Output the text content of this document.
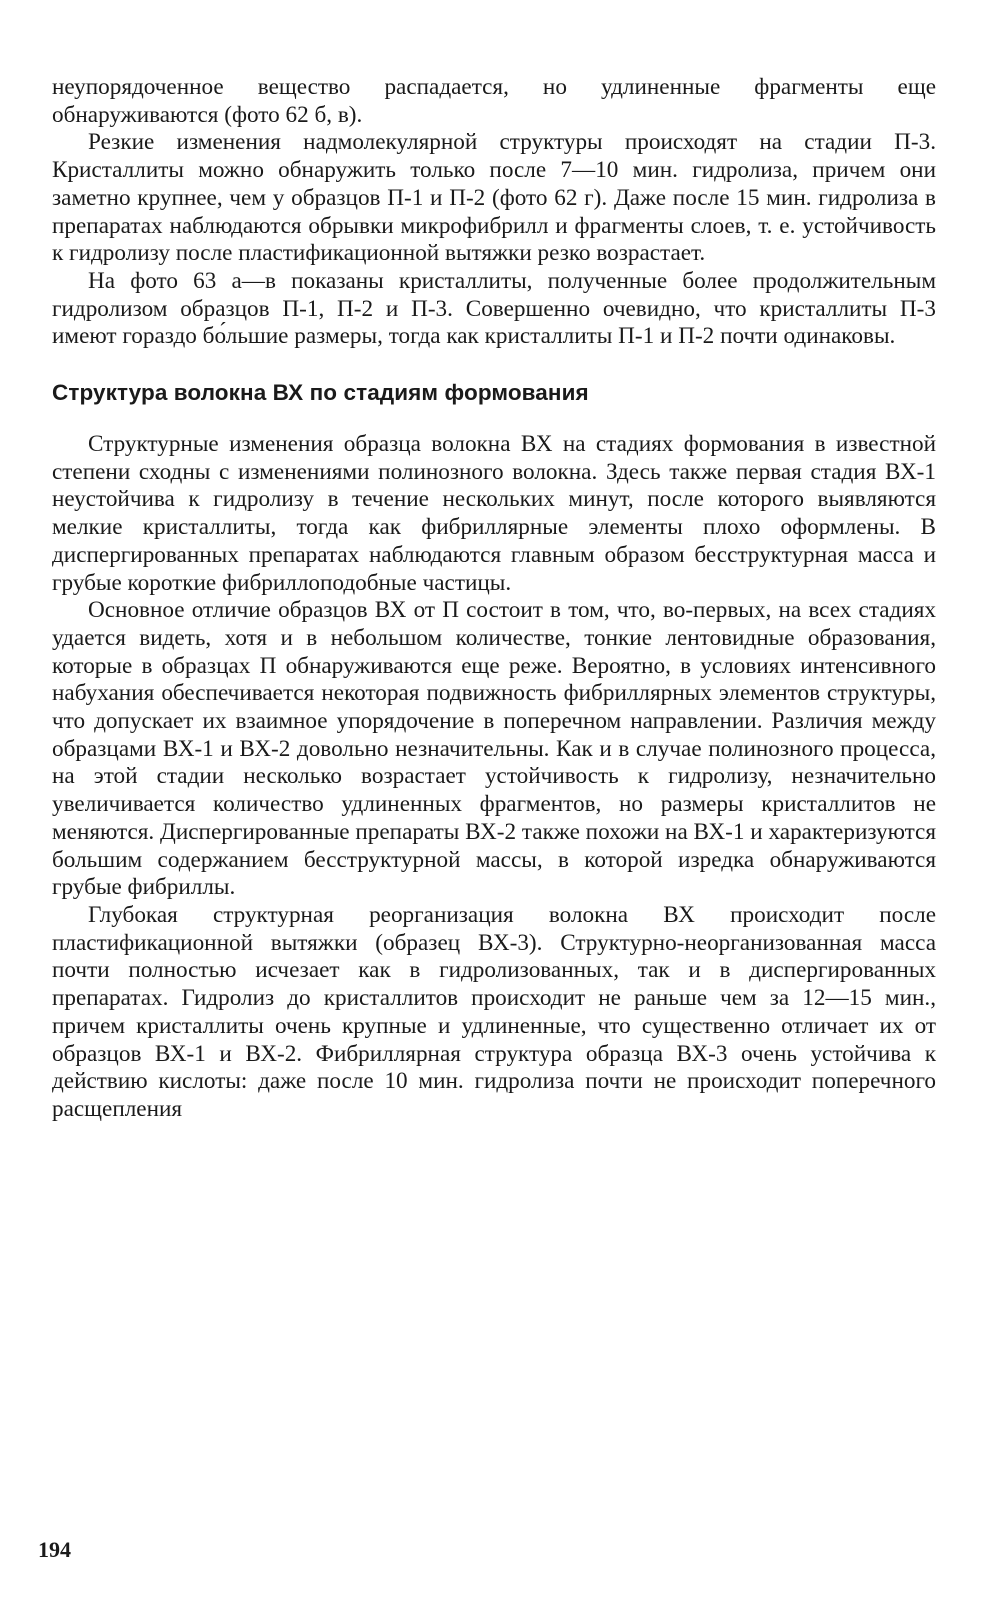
неупорядоченное вещество распадается, но удлиненные фрагменты еще обнаруживаются (фото 62 б, в).

Резкие изменения надмолекулярной структуры происходят на стадии П-3. Кристаллиты можно обнаружить только после 7—10 мин. гидролиза, причем они заметно крупнее, чем у образцов П-1 и П-2 (фото 62 г). Даже после 15 мин. гидролиза в препаратах наблюдаются обрывки микрофибрилл и фрагменты слоев, т. е. устойчивость к гидролизу после пластификационной вытяжки резко возрастает.

На фото 63 а—в показаны кристаллиты, полученные более продолжительным гидролизом образцов П-1, П-2 и П-3. Совершенно очевидно, что кристаллиты П-3 имеют гораздо бо́льшие размеры, тогда как кристаллиты П-1 и П-2 почти одинаковы.

Структура волокна ВХ по стадиям формования

Структурные изменения образца волокна ВХ на стадиях формования в известной степени сходны с изменениями полинозного волокна. Здесь также первая стадия ВХ-1 неустойчива к гидролизу в течение нескольких минут, после которого выявляются мелкие кристаллиты, тогда как фибриллярные элементы плохо оформлены. В диспергированных препаратах наблюдаются главным образом бесструктурная масса и грубые короткие фибриллоподобные частицы.

Основное отличие образцов ВХ от П состоит в том, что, во-первых, на всех стадиях удается видеть, хотя и в небольшом количестве, тонкие лентовидные образования, которые в образцах П обнаруживаются еще реже. Вероятно, в условиях интенсивного набухания обеспечивается некоторая подвижность фибриллярных элементов структуры, что допускает их взаимное упорядочение в поперечном направлении. Различия между образцами ВХ-1 и ВХ-2 довольно незначительны. Как и в случае полинозного процесса, на этой стадии несколько возрастает устойчивость к гидролизу, незначительно увеличивается количество удлиненных фрагментов, но размеры кристаллитов не меняются. Диспергированные препараты ВХ-2 также похожи на ВХ-1 и характеризуются большим содержанием бесструктурной массы, в которой изредка обнаруживаются грубые фибриллы.

Глубокая структурная реорганизация волокна ВХ происходит после пластификационной вытяжки (образец ВХ-3). Структурно-неорганизованная масса почти полностью исчезает как в гидролизованных, так и в диспергированных препаратах. Гидролиз до кристаллитов происходит не раньше чем за 12—15 мин., причем кристаллиты очень крупные и удлиненные, что существенно отличает их от образцов ВХ-1 и ВХ-2. Фибриллярная структура образца ВХ-3 очень устойчива к действию кислоты: даже после 10 мин. гидролиза почти не происходит поперечного расщепления

194
